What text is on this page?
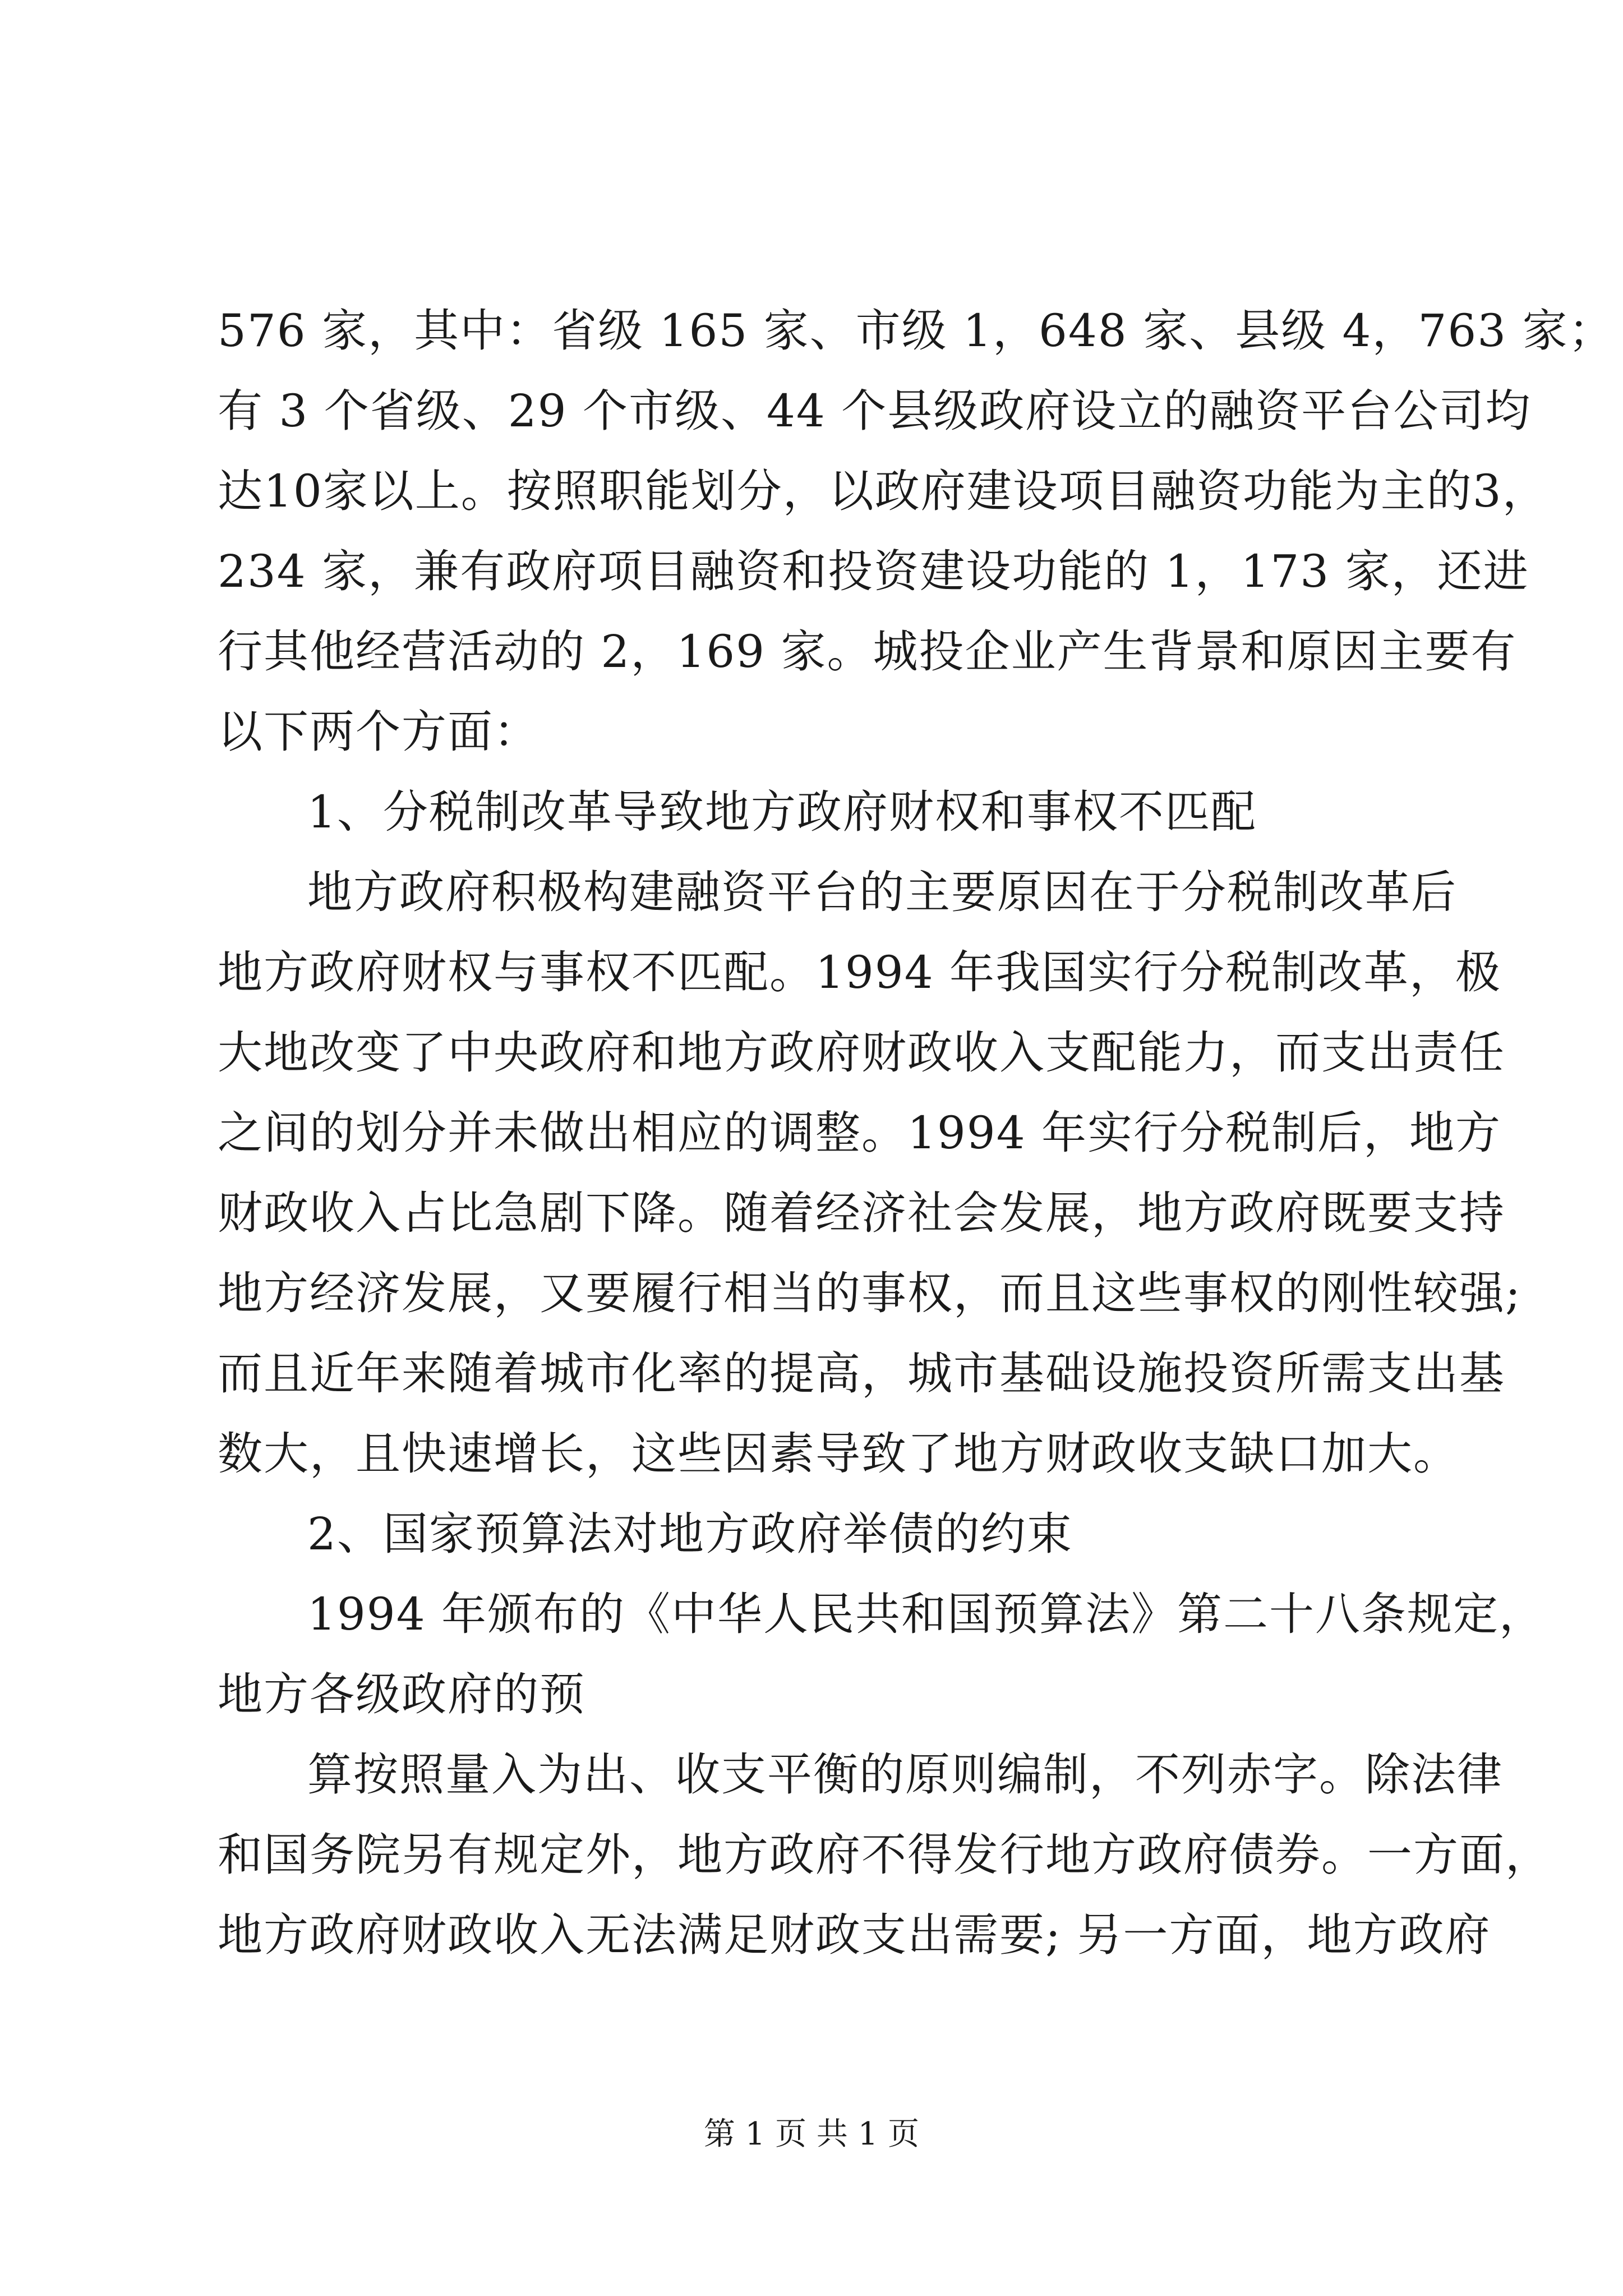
576 家，其中：省级 165 家、市级 1，648 家、县级 4，763 家；
有 3 个省级、29 个市级、44 个县级政府设立的融资平台公司均
达10家以上。按照职能划分，以政府建设项目融资功能为主的3，
234 家，兼有政府项目融资和投资建设功能的 1，173 家，还进
行其他经营活动的 2，169 家。城投企业产生背景和原因主要有
以下两个方面：
1、分税制改革导致地方政府财权和事权不匹配
地方政府积极构建融资平台的主要原因在于分税制改革后
地方政府财权与事权不匹配。1994 年我国实行分税制改革，极
大地改变了中央政府和地方政府财政收入支配能力，而支出责任
之间的划分并未做出相应的调整。1994 年实行分税制后，地方
财政收入占比急剧下降。随着经济社会发展，地方政府既要支持
地方经济发展，又要履行相当的事权，而且这些事权的刚性较强;
而且近年来随着城市化率的提高，城市基础设施投资所需支出基
数大，且快速增长，这些因素导致了地方财政收支缺口加大。
2、国家预算法对地方政府举债的约束
1994 年颁布的《中华人民共和国预算法》第二十八条规定，
地方各级政府的预
算按照量入为出、收支平衡的原则编制，不列赤字。除法律
和国务院另有规定外，地方政府不得发行地方政府债券。一方面，
地方政府财政收入无法满足财政支出需要; 另一方面，地方政府
第 1 页 共 1 页
